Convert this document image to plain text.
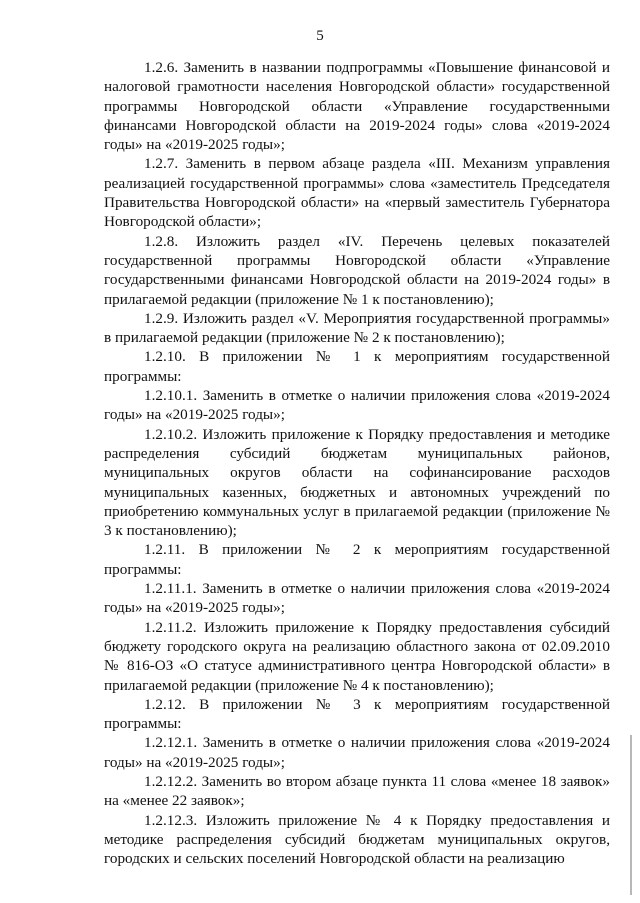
5

1.2.6. Заменить в названии подпрограммы «Повышение финансовой и налоговой грамотности населения Новгородской области» государственной программы Новгородской области «Управление государственными финансами Новгородской области на 2019-2024 годы» слова «2019-2024 годы» на «2019-2025 годы»;

1.2.7. Заменить в первом абзаце раздела «III. Механизм управления реализацией государственной программы» слова «заместитель Председателя Правительства Новгородской области» на «первый заместитель Губернатора Новгородской области»;

1.2.8. Изложить раздел «IV. Перечень целевых показателей государственной программы Новгородской области «Управление государственными финансами Новгородской области на 2019-2024 годы» в прилагаемой редакции (приложение № 1 к постановлению);

1.2.9. Изложить раздел «V. Мероприятия государственной программы» в прилагаемой редакции (приложение № 2 к постановлению);

1.2.10. В приложении № 1 к мероприятиям государственной программы:

1.2.10.1. Заменить в отметке о наличии приложения слова «2019-2024 годы» на «2019-2025 годы»;

1.2.10.2. Изложить приложение к Порядку предоставления и методике распределения субсидий бюджетам муниципальных районов, муниципальных округов области на софинансирование расходов муниципальных казенных, бюджетных и автономных учреждений по приобретению коммунальных услуг в прилагаемой редакции (приложение № 3 к постановлению);

1.2.11. В приложении № 2 к мероприятиям государственной программы:

1.2.11.1. Заменить в отметке о наличии приложения слова «2019-2024 годы» на «2019-2025 годы»;

1.2.11.2. Изложить приложение к Порядку предоставления субсидий бюджету городского округа на реализацию областного закона от 02.09.2010 № 816-ОЗ «О статусе административного центра Новгородской области» в прилагаемой редакции (приложение № 4 к постановлению);

1.2.12. В приложении № 3 к мероприятиям государственной программы:

1.2.12.1. Заменить в отметке о наличии приложения слова «2019-2024 годы» на «2019-2025 годы»;

1.2.12.2. Заменить во втором абзаце пункта 11 слова «менее 18 заявок» на «менее 22 заявок»;

1.2.12.3. Изложить приложение № 4 к Порядку предоставления и методике распределения субсидий бюджетам муниципальных округов, городских и сельских поселений Новгородской области на реализацию
